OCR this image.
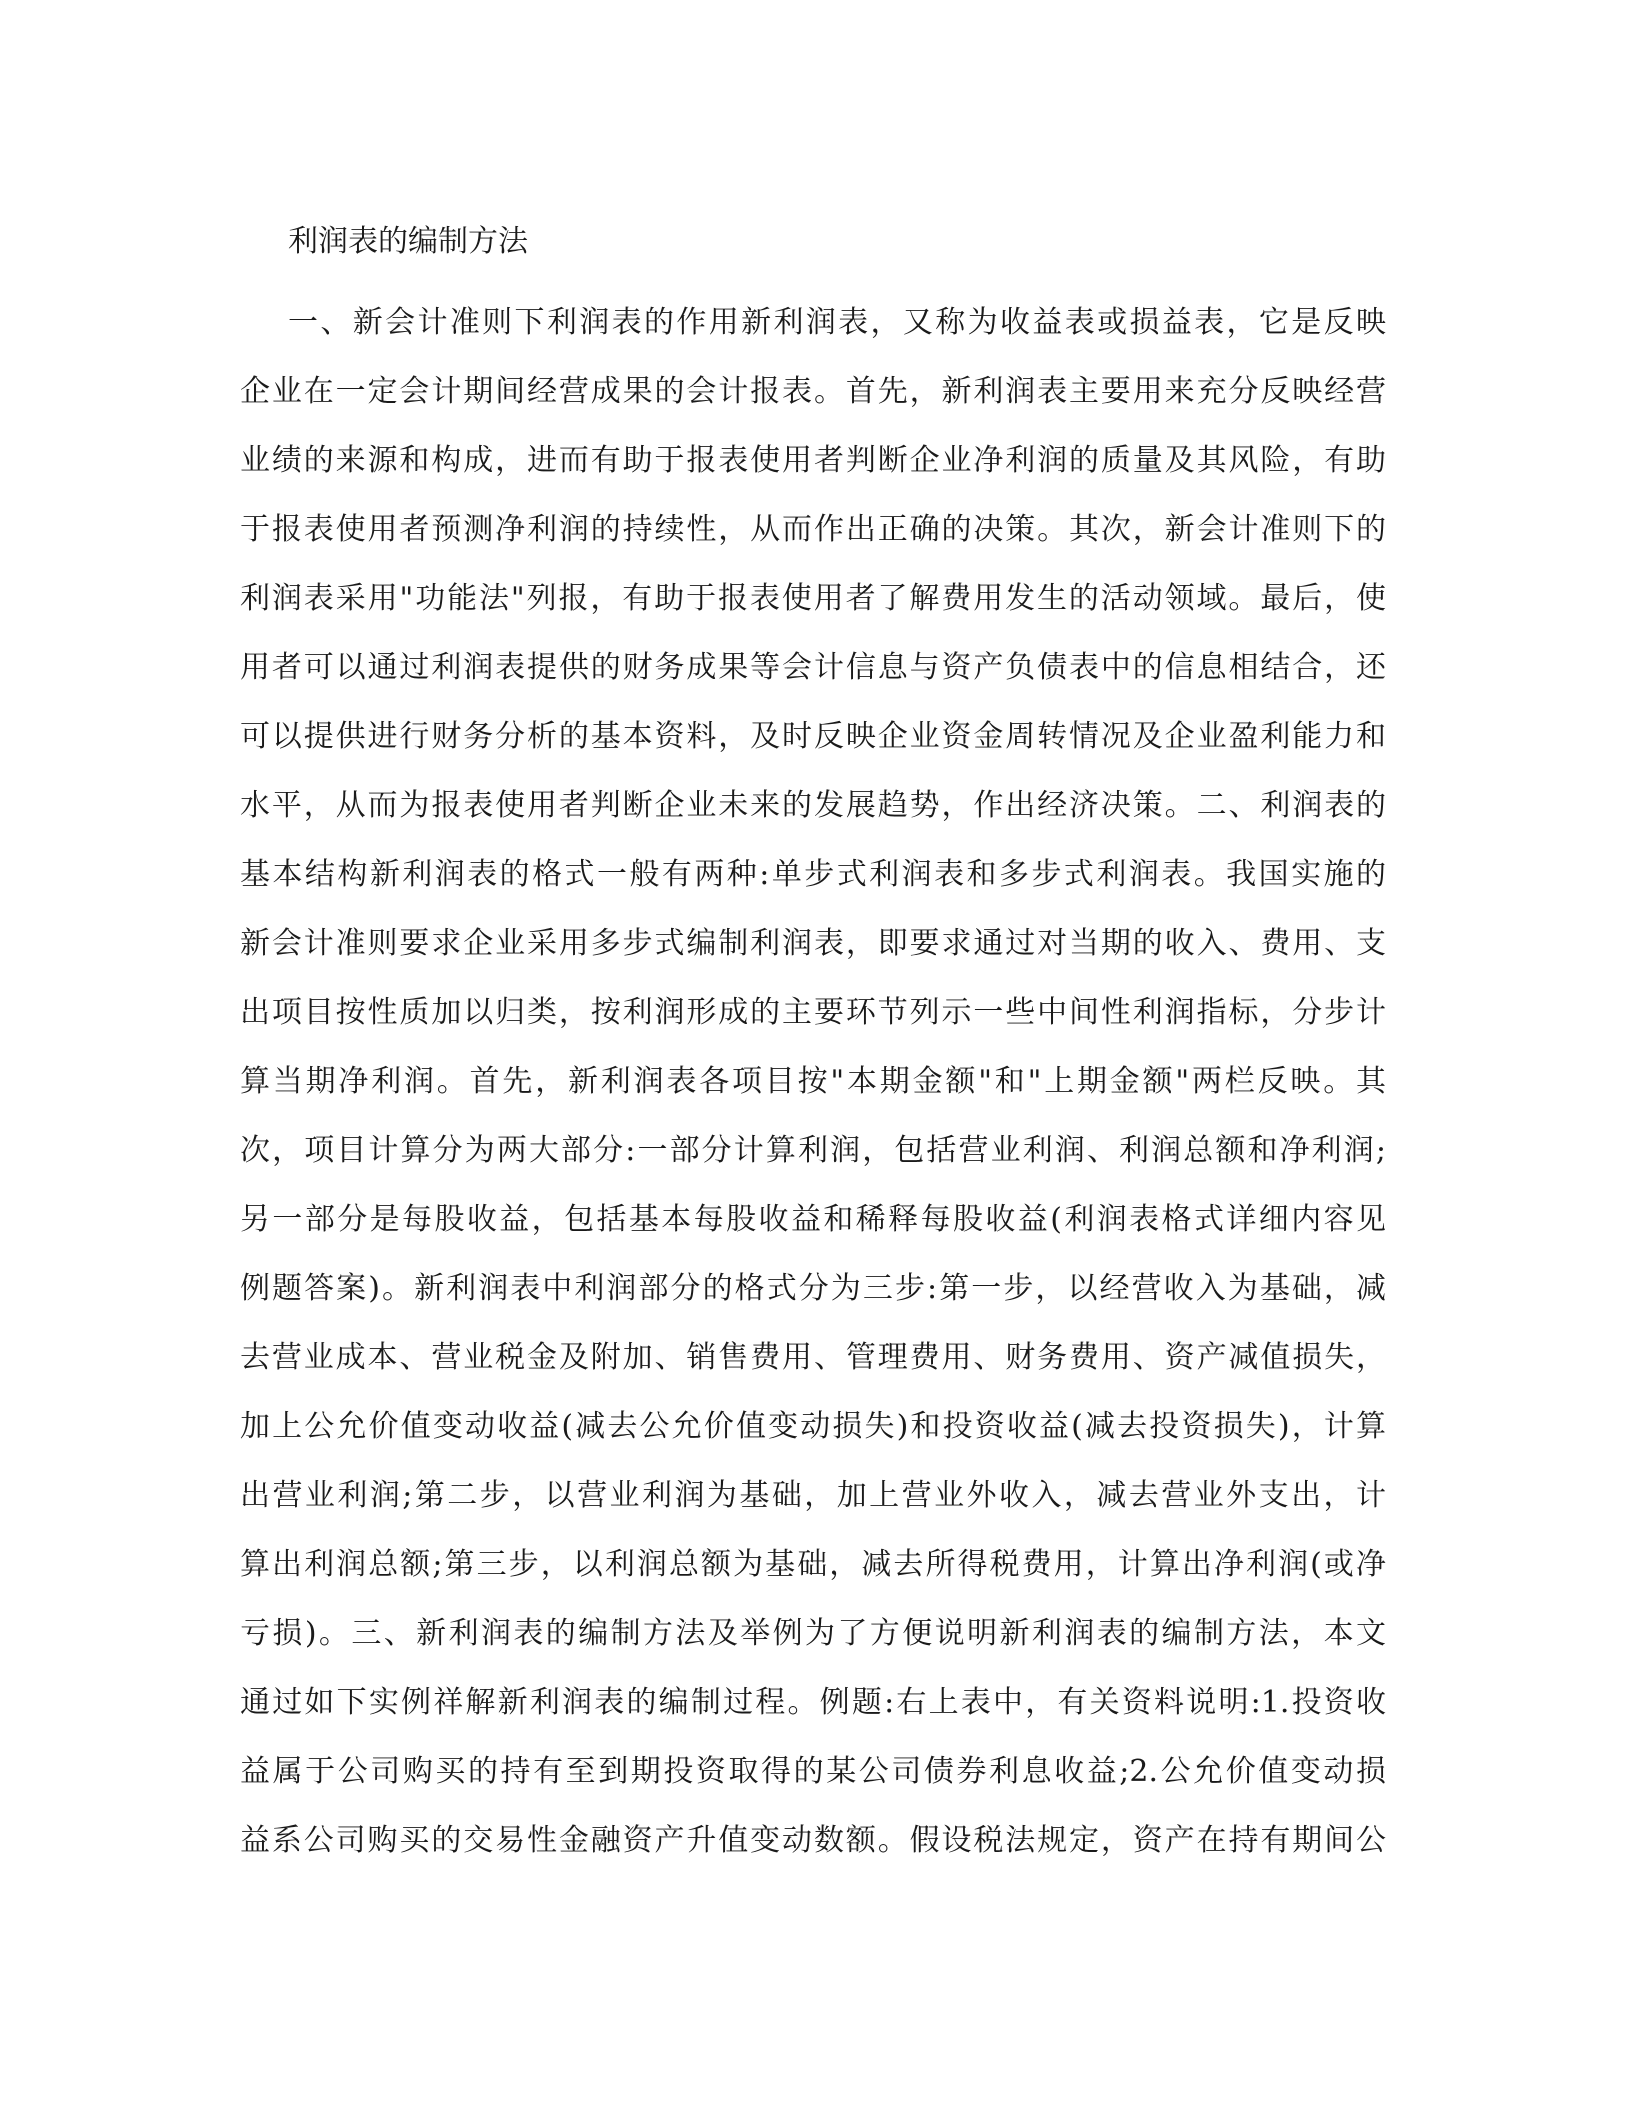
利润表的编制方法
一、新会计准则下利润表的作用新利润表，又称为收益表或损益表，它是反映
企业在一定会计期间经营成果的会计报表。首先，新利润表主要用来充分反映经营
业绩的来源和构成，进而有助于报表使用者判断企业净利润的质量及其风险，有助
于报表使用者预测净利润的持续性，从而作出正确的决策。其次，新会计准则下的
利润表采用"功能法"列报，有助于报表使用者了解费用发生的活动领域。最后，使
用者可以通过利润表提供的财务成果等会计信息与资产负债表中的信息相结合，还
可以提供进行财务分析的基本资料，及时反映企业资金周转情况及企业盈利能力和
水平，从而为报表使用者判断企业未来的发展趋势，作出经济决策。二、利润表的
基本结构新利润表的格式一般有两种:单步式利润表和多步式利润表。我国实施的
新会计准则要求企业采用多步式编制利润表，即要求通过对当期的收入、费用、支
出项目按性质加以归类，按利润形成的主要环节列示一些中间性利润指标，分步计
算当期净利润。首先，新利润表各项目按"本期金额"和"上期金额"两栏反映。其
次，项目计算分为两大部分:一部分计算利润，包括营业利润、利润总额和净利润;
另一部分是每股收益，包括基本每股收益和稀释每股收益(利润表格式详细内容见
例题答案)。新利润表中利润部分的格式分为三步:第一步，以经营收入为基础，减
去营业成本、营业税金及附加、销售费用、管理费用、财务费用、资产减值损失，
加上公允价值变动收益(减去公允价值变动损失)和投资收益(减去投资损失)，计算
出营业利润;第二步，以营业利润为基础，加上营业外收入，减去营业外支出，计
算出利润总额;第三步，以利润总额为基础，减去所得税费用，计算出净利润(或净
亏损)。三、新利润表的编制方法及举例为了方便说明新利润表的编制方法，本文
通过如下实例祥解新利润表的编制过程。例题:右上表中，有关资料说明:1.投资收
益属于公司购买的持有至到期投资取得的某公司债券利息收益;2.公允价值变动损
益系公司购买的交易性金融资产升值变动数额。假设税法规定，资产在持有期间公
